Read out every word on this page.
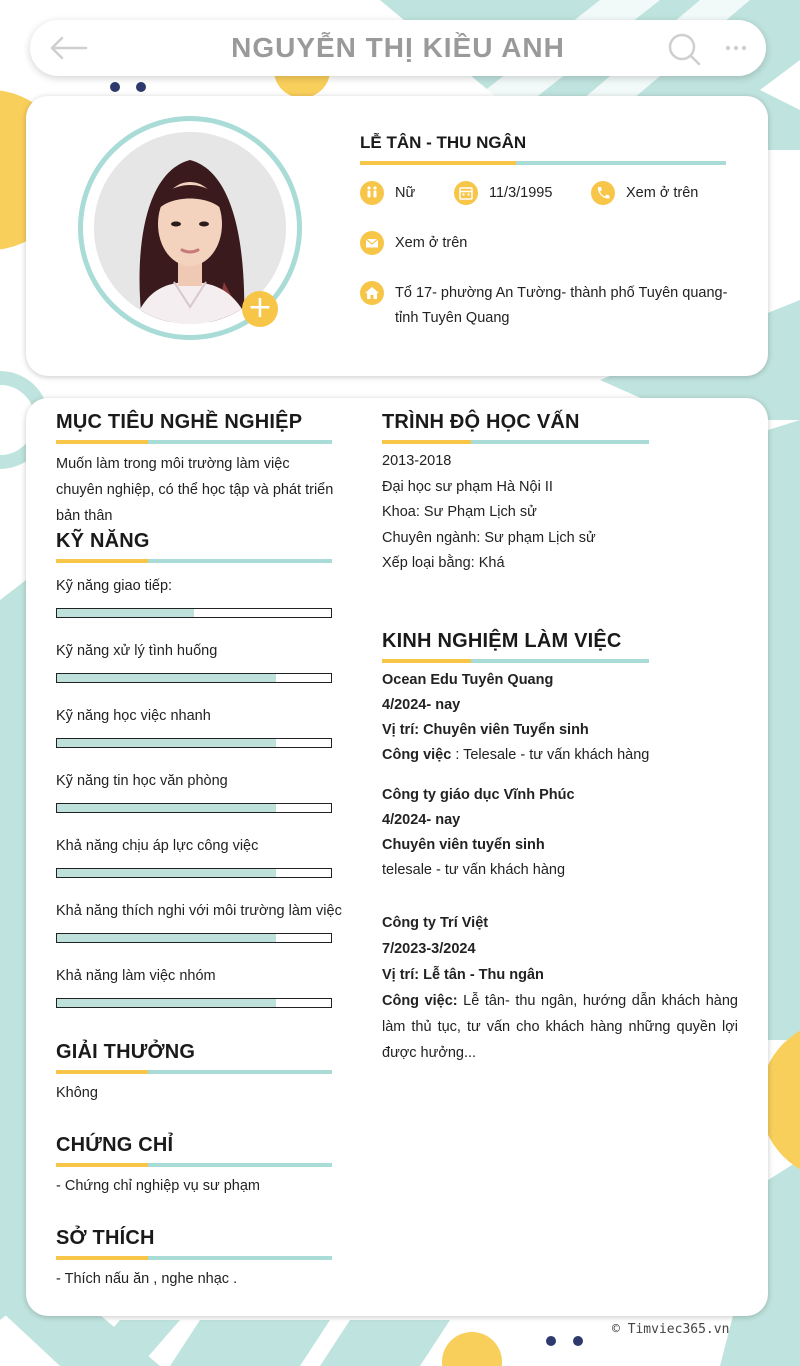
NGUYỄN THỊ KIỀU ANH
+
LỄ TÂN - THU NGÂN
Nữ	11/3/1995	Xem ở trên
Xem ở trên
Tổ 17- phường An Tường- thành phố Tuyên quang- tỉnh Tuyên Quang
MỤC TIÊU NGHỀ NGHIỆP
Muốn làm trong môi trường làm việc chuyên nghiệp, có thể học tập và phát triển bản thân
KỸ NĂNG
Kỹ năng giao tiếp:
Kỹ năng xử lý tình huống
Kỹ năng học việc nhanh
Kỹ năng tin học văn phòng
Khả năng chịu áp lực công việc
Khả năng thích nghi với môi trường làm việc
Khả năng làm việc nhóm
GIẢI THƯỞNG
Không
CHỨNG CHỈ
- Chứng chỉ nghiệp vụ sư phạm
SỞ THÍCH
- Thích nấu ăn , nghe nhạc .
TRÌNH ĐỘ HỌC VẤN
2013-2018
Đại học sư phạm Hà Nội II
Khoa: Sư Phạm Lịch sử
Chuyên ngành: Sư phạm Lịch sử
Xếp loại bằng: Khá
KINH NGHIỆM LÀM VIỆC
Ocean Edu Tuyên Quang
4/2024- nay
Vị trí: Chuyên viên Tuyển sinh
Công việc : Telesale - tư vấn khách hàng
Công ty giáo dục Vĩnh Phúc
4/2024- nay
Chuyên viên tuyển sinh
telesale - tư vấn khách hàng
Công ty Trí Việt
7/2023-3/2024
Vị trí: Lễ tân - Thu ngân
Công việc: Lễ tân- thu ngân, hướng dẫn khách hàng làm thủ tục, tư vấn cho khách hàng những quyền lợi được hưởng...
© Timviec365.vn
